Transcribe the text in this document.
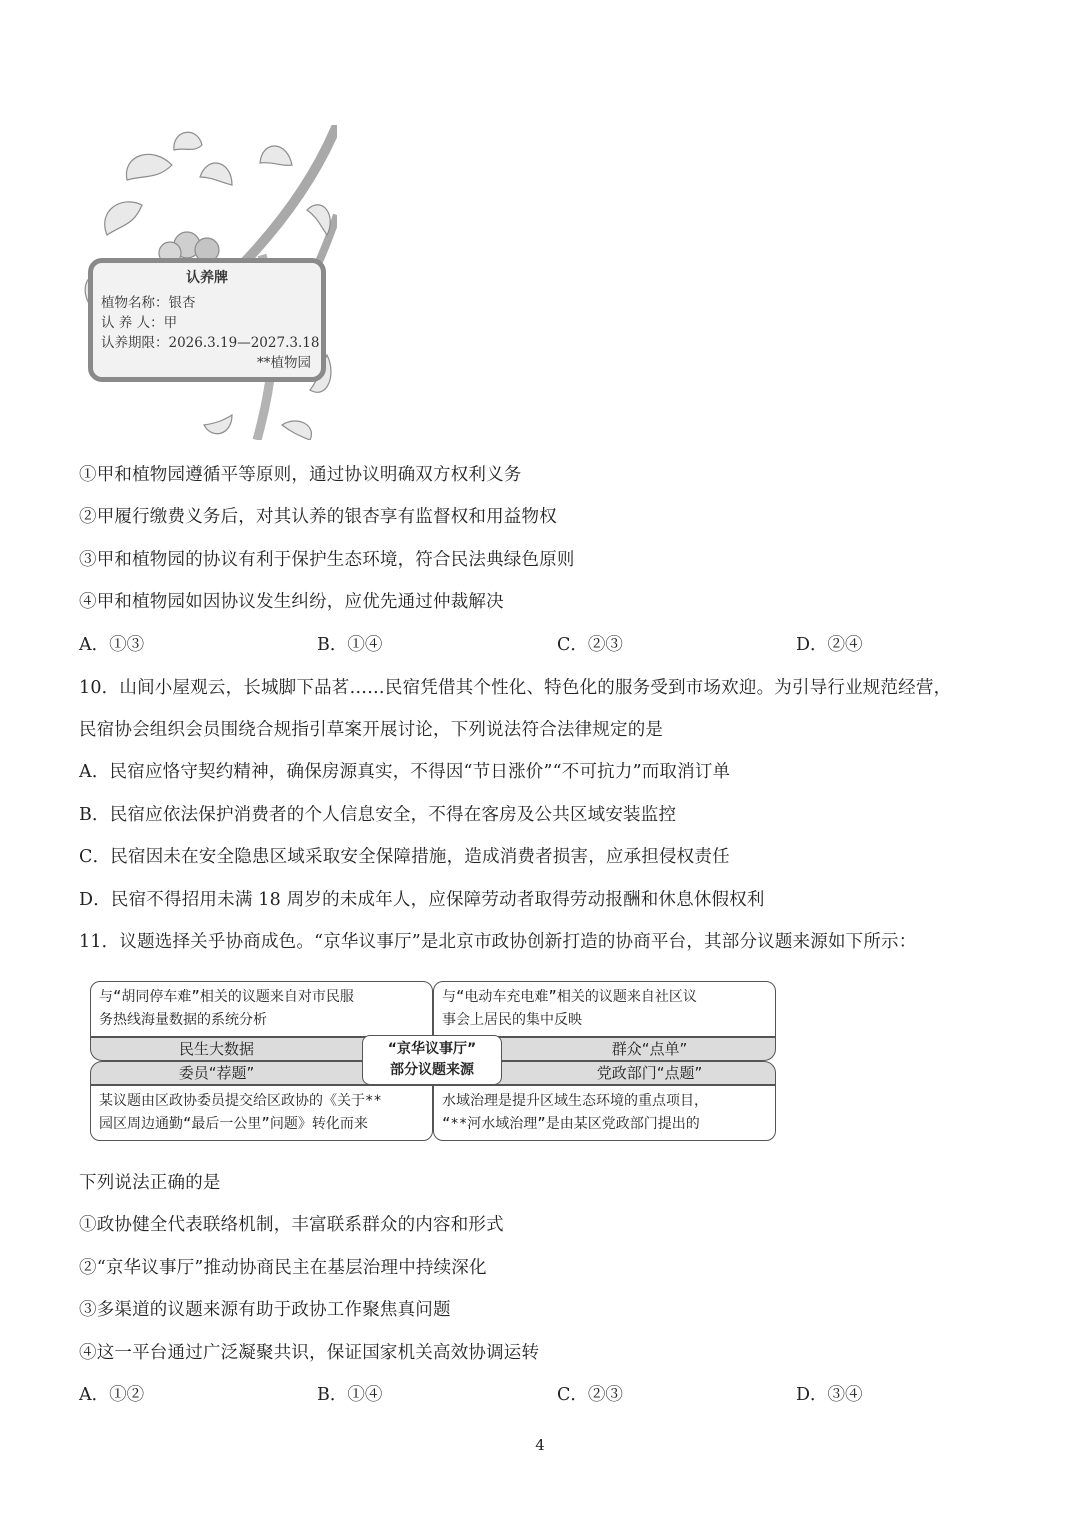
认养牌
植物名称：银杏
认 养 人：甲
认养期限：2026.3.19—2027.3.18
**植物园
①甲和植物园遵循平等原则，通过协议明确双方权利义务
②甲履行缴费义务后，对其认养的银杏享有监督权和用益物权
③甲和植物园的协议有利于保护生态环境，符合民法典绿色原则
④甲和植物园如因协议发生纠纷，应优先通过仲裁解决
A．①③	B．①④	C．②③	D．②④
10．山间小屋观云，长城脚下品茗……民宿凭借其个性化、特色化的服务受到市场欢迎。为引导行业规范经营，
民宿协会组织会员围绕合规指引草案开展讨论，下列说法符合法律规定的是
A．民宿应恪守契约精神，确保房源真实，不得因“节日涨价”“不可抗力”而取消订单
B．民宿应依法保护消费者的个人信息安全，不得在客房及公共区域安装监控
C．民宿因未在安全隐患区域采取安全保障措施，造成消费者损害，应承担侵权责任
D．民宿不得招用未满 18 周岁的未成年人，应保障劳动者取得劳动报酬和休息休假权利
11．议题选择关乎协商成色。“京华议事厅”是北京市政协创新打造的协商平台，其部分议题来源如下所示：
与“胡同停车难”相关的议题来自对市民服
务热线海量数据的系统分析
与“电动车充电难”相关的议题来自社区议
事会上居民的集中反映
民生大数据	群众“点单”
委员“荐题”	党政部门“点题”
某议题由区政协委员提交给区政协的《关于**
园区周边通勤“最后一公里”问题》转化而来
水域治理是提升区域生态环境的重点项目，
“**河水域治理”是由某区党政部门提出的
“京华议事厅”
部分议题来源
下列说法正确的是
①政协健全代表联络机制，丰富联系群众的内容和形式
②“京华议事厅”推动协商民主在基层治理中持续深化
③多渠道的议题来源有助于政协工作聚焦真问题
④这一平台通过广泛凝聚共识，保证国家机关高效协调运转
A．①②	B．①④	C．②③	D．③④
4
